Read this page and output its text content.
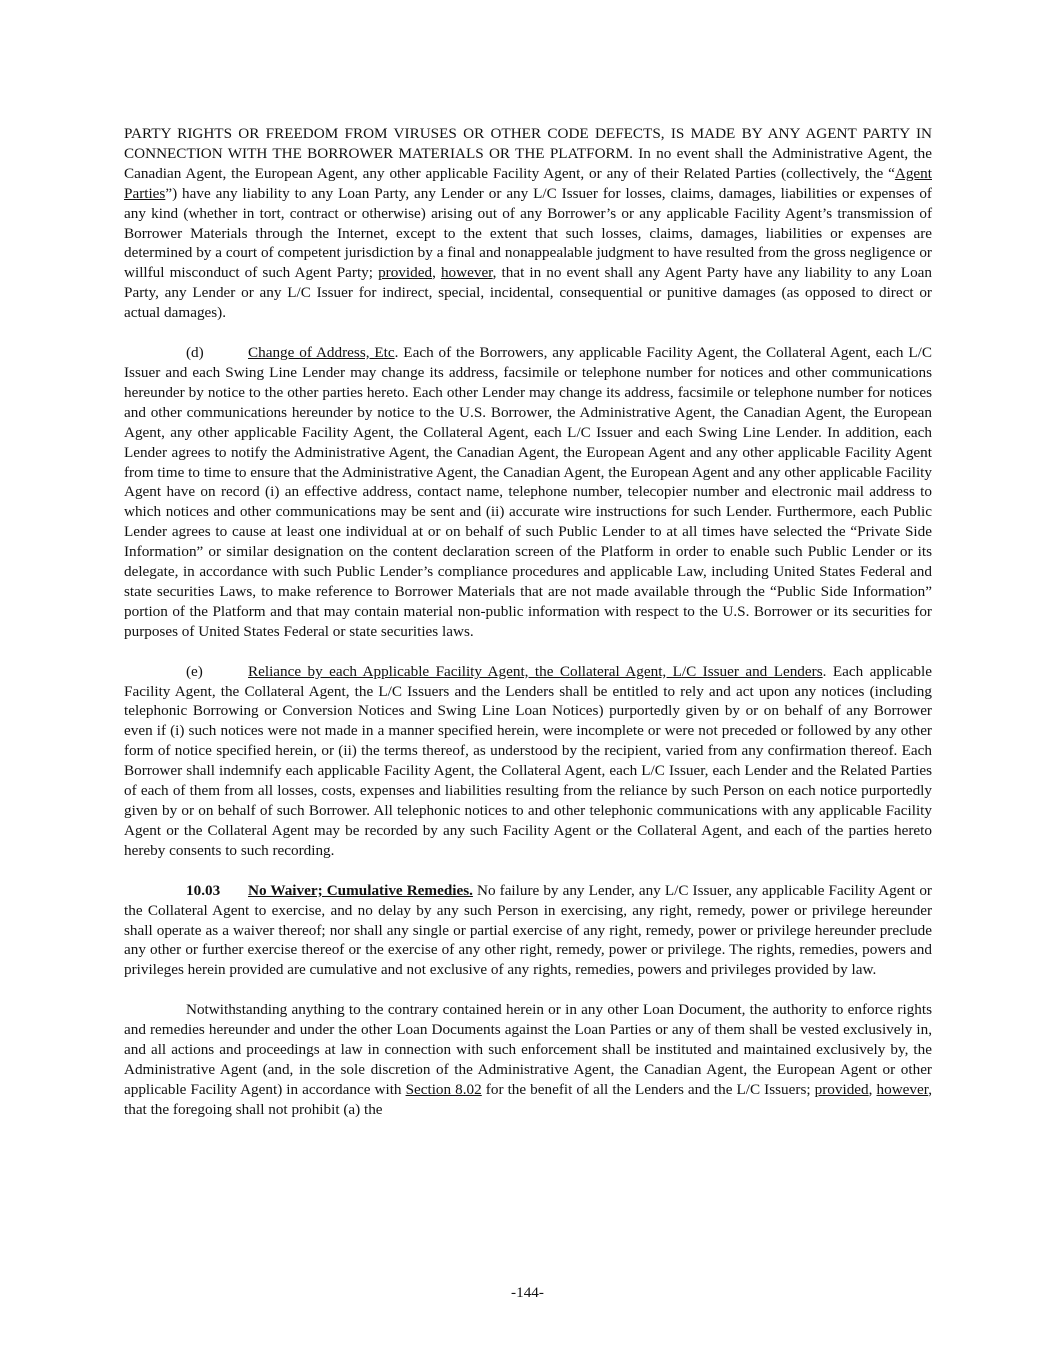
PARTY RIGHTS OR FREEDOM FROM VIRUSES OR OTHER CODE DEFECTS, IS MADE BY ANY AGENT PARTY IN CONNECTION WITH THE BORROWER MATERIALS OR THE PLATFORM. In no event shall the Administrative Agent, the Canadian Agent, the European Agent, any other applicable Facility Agent, or any of their Related Parties (collectively, the “Agent Parties”) have any liability to any Loan Party, any Lender or any L/C Issuer for losses, claims, damages, liabilities or expenses of any kind (whether in tort, contract or otherwise) arising out of any Borrower’s or any applicable Facility Agent’s transmission of Borrower Materials through the Internet, except to the extent that such losses, claims, damages, liabilities or expenses are determined by a court of competent jurisdiction by a final and nonappealable judgment to have resulted from the gross negligence or willful misconduct of such Agent Party; provided, however, that in no event shall any Agent Party have any liability to any Loan Party, any Lender or any L/C Issuer for indirect, special, incidental, consequential or punitive damages (as opposed to direct or actual damages).

(d)	Change of Address, Etc. Each of the Borrowers, any applicable Facility Agent, the Collateral Agent, each L/C Issuer and each Swing Line Lender may change its address, facsimile or telephone number for notices and other communications hereunder by notice to the other parties hereto. Each other Lender may change its address, facsimile or telephone number for notices and other communications hereunder by notice to the U.S. Borrower, the Administrative Agent, the Canadian Agent, the European Agent, any other applicable Facility Agent, the Collateral Agent, each L/C Issuer and each Swing Line Lender. In addition, each Lender agrees to notify the Administrative Agent, the Canadian Agent, the European Agent and any other applicable Facility Agent from time to time to ensure that the Administrative Agent, the Canadian Agent, the European Agent and any other applicable Facility Agent have on record (i) an effective address, contact name, telephone number, telecopier number and electronic mail address to which notices and other communications may be sent and (ii) accurate wire instructions for such Lender. Furthermore, each Public Lender agrees to cause at least one individual at or on behalf of such Public Lender to at all times have selected the “Private Side Information” or similar designation on the content declaration screen of the Platform in order to enable such Public Lender or its delegate, in accordance with such Public Lender’s compliance procedures and applicable Law, including United States Federal and state securities Laws, to make reference to Borrower Materials that are not made available through the “Public Side Information” portion of the Platform and that may contain material non-public information with respect to the U.S. Borrower or its securities for purposes of United States Federal or state securities laws.

(e)	Reliance by each Applicable Facility Agent, the Collateral Agent, L/C Issuer and Lenders. Each applicable Facility Agent, the Collateral Agent, the L/C Issuers and the Lenders shall be entitled to rely and act upon any notices (including telephonic Borrowing or Conversion Notices and Swing Line Loan Notices) purportedly given by or on behalf of any Borrower even if (i) such notices were not made in a manner specified herein, were incomplete or were not preceded or followed by any other form of notice specified herein, or (ii) the terms thereof, as understood by the recipient, varied from any confirmation thereof. Each Borrower shall indemnify each applicable Facility Agent, the Collateral Agent, each L/C Issuer, each Lender and the Related Parties of each of them from all losses, costs, expenses and liabilities resulting from the reliance by such Person on each notice purportedly given by or on behalf of such Borrower. All telephonic notices to and other telephonic communications with any applicable Facility Agent or the Collateral Agent may be recorded by any such Facility Agent or the Collateral Agent, and each of the parties hereto hereby consents to such recording.

10.03 No Waiver; Cumulative Remedies. No failure by any Lender, any L/C Issuer, any applicable Facility Agent or the Collateral Agent to exercise, and no delay by any such Person in exercising, any right, remedy, power or privilege hereunder shall operate as a waiver thereof; nor shall any single or partial exercise of any right, remedy, power or privilege hereunder preclude any other or further exercise thereof or the exercise of any other right, remedy, power or privilege. The rights, remedies, powers and privileges herein provided are cumulative and not exclusive of any rights, remedies, powers and privileges provided by law.

Notwithstanding anything to the contrary contained herein or in any other Loan Document, the authority to enforce rights and remedies hereunder and under the other Loan Documents against the Loan Parties or any of them shall be vested exclusively in, and all actions and proceedings at law in connection with such enforcement shall be instituted and maintained exclusively by, the Administrative Agent (and, in the sole discretion of the Administrative Agent, the Canadian Agent, the European Agent or other applicable Facility Agent) in accordance with Section 8.02 for the benefit of all the Lenders and the L/C Issuers; provided, however, that the foregoing shall not prohibit (a) the

-144-
